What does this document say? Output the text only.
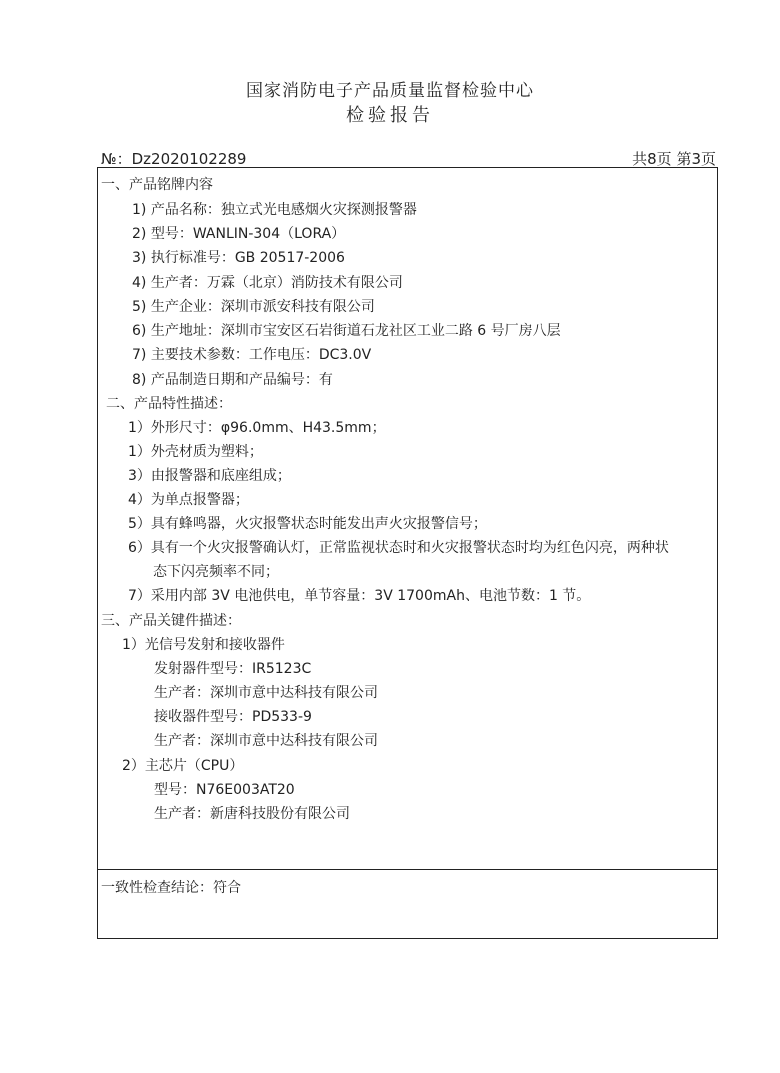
国家消防电子产品质量监督检验中心
检验报告
№：Dz2020102289	共8页 第3页
一、产品铭牌内容
1) 产品名称：独立式光电感烟火灾探测报警器
2) 型号：WANLIN-304（LORA）
3) 执行标准号：GB 20517-2006
4) 生产者：万霖（北京）消防技术有限公司
5) 生产企业：深圳市派安科技有限公司
6) 生产地址：深圳市宝安区石岩街道石龙社区工业二路 6 号厂房八层
7) 主要技术参数：工作电压：DC3.0V
8) 产品制造日期和产品编号：有
二、产品特性描述：
1）外形尺寸：φ96.0mm、H43.5mm；
1）外壳材质为塑料；
3）由报警器和底座组成；
4）为单点报警器；
5）具有蜂鸣器，火灾报警状态时能发出声火灾报警信号；
6）具有一个火灾报警确认灯，正常监视状态时和火灾报警状态时均为红色闪亮，两种状
态下闪亮频率不同；
7）采用内部 3V 电池供电，单节容量：3V 1700mAh、电池节数：1 节。
三、产品关键件描述：
1）光信号发射和接收器件
发射器件型号：IR5123C
生产者：深圳市意中达科技有限公司
接收器件型号：PD533-9
生产者：深圳市意中达科技有限公司
2）主芯片（CPU）
型号：N76E003AT20
生产者：新唐科技股份有限公司
一致性检查结论：符合
